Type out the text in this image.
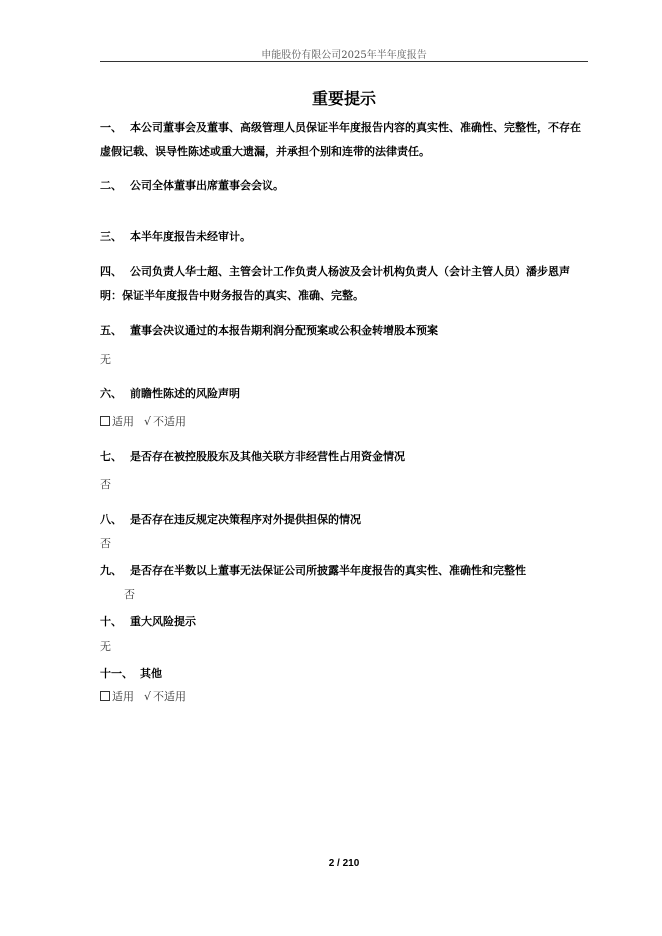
申能股份有限公司2025年半年度报告
重要提示
一、 本公司董事会及董事、高级管理人员保证半年度报告内容的真实性、准确性、完整性，不存在虚假记载、误导性陈述或重大遗漏，并承担个别和连带的法律责任。
二、 公司全体董事出席董事会会议。
三、 本半年度报告未经审计。
四、 公司负责人华士超、主管会计工作负责人杨波及会计机构负责人（会计主管人员）潘步恩声明：保证半年度报告中财务报告的真实、准确、完整。
五、 董事会决议通过的本报告期利润分配预案或公积金转增股本预案
无
六、 前瞻性陈述的风险声明
适用 √ 不适用
七、 是否存在被控股股东及其他关联方非经营性占用资金情况
否
八、 是否存在违反规定决策程序对外提供担保的情况
否
九、 是否存在半数以上董事无法保证公司所披露半年度报告的真实性、准确性和完整性
否
十、 重大风险提示
无
十一、 其他
适用 √ 不适用
2 / 210
